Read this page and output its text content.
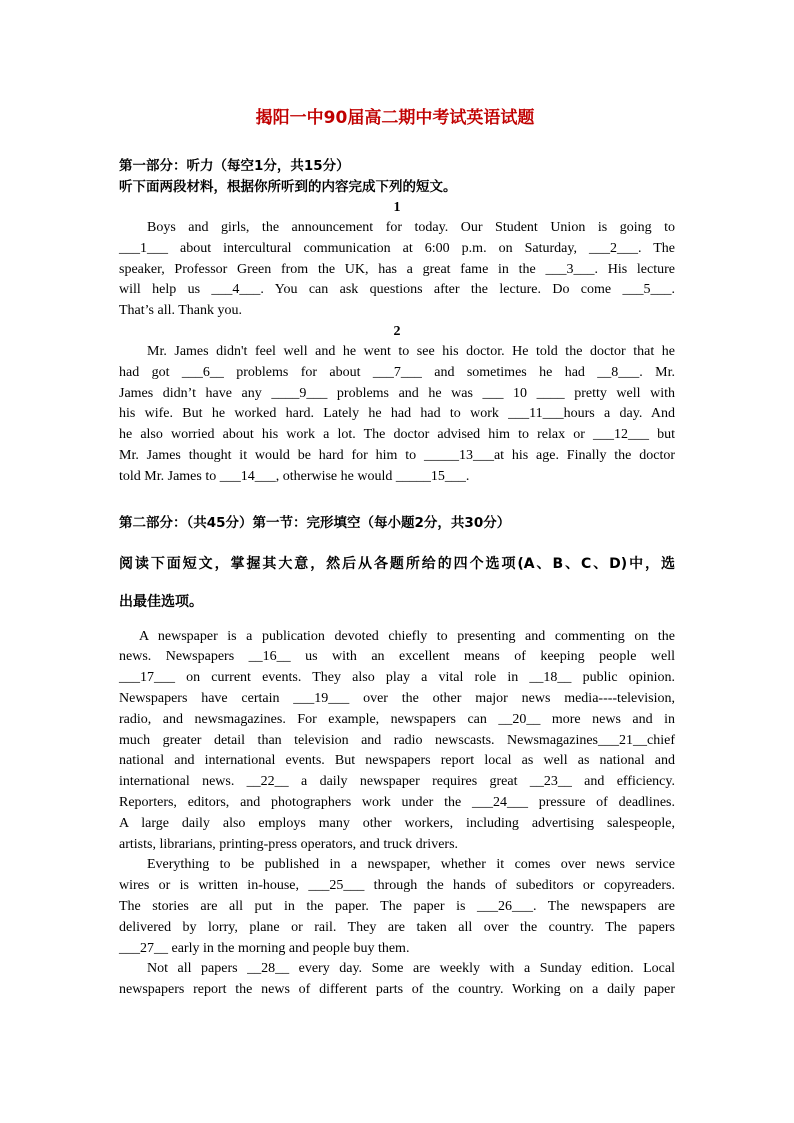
揭阳一中90届高二期中考试英语试题
第一部分：听力（每空1分，共15分）
听下面两段材料，根据你所听到的内容完成下列的短文。
1
Boys and girls, the announcement for today. Our Student Union is going to
___1___ about intercultural communication at 6:00 p.m. on Saturday, ___2___. The
speaker, Professor Green from the UK, has a great fame in the ___3___. His lecture
will help us ___4___. You can ask questions after the lecture. Do come ___5___.
That’s all. Thank you.
2
Mr. James didn't feel well and he went to see his doctor. He told the doctor that he
had got ___6__ problems for about ___7___ and sometimes he had __8___. Mr.
James didn’t have any ____9___ problems and he was ___ 10 ____ pretty well with
his wife. But he worked hard. Lately he had had to work ___11___hours a day. And
he also worried about his work a lot. The doctor advised him to relax or ___12___ but
Mr. James thought it would be hard for him to _____13___at his age. Finally the doctor
told Mr. James to ___14___, otherwise he would _____15___.
第二部分：（共45分）第一节：完形填空（每小题2分，共30分）
阅读下面短文，掌握其大意，然后从各题所给的四个选项(A、B、C、D)中，选
出最佳选项。
A newspaper is a publication devoted chiefly to presenting and commenting on the
news. Newspapers __16__ us with an excellent means of keeping people well
___17___ on current events. They also play a vital role in __18__ public opinion.
Newspapers have certain ___19___ over the other major news media----television,
radio, and newsmagazines. For example, newspapers can __20__ more news and in
much greater detail than television and radio newscasts. Newsmagazines___21__chief
national and international events. But newspapers report local as well as national and
international news. __22__ a daily newspaper requires great __23__ and efficiency.
Reporters, editors, and photographers work under the ___24___ pressure of deadlines.
A large daily also employs many other workers, including advertising salespeople,
artists, librarians, printing-press operators, and truck drivers.
Everything to be published in a newspaper, whether it comes over news service
wires or is written in-house, ___25___ through the hands of subeditors or copyreaders.
The stories are all put in the paper. The paper is ___26___. The newspapers are
delivered by lorry, plane or rail. They are taken all over the country. The papers
___27__ early in the morning and people buy them.
Not all papers __28__ every day. Some are weekly with a Sunday edition. Local
newspapers report the news of different parts of the country. Working on a daily paper
